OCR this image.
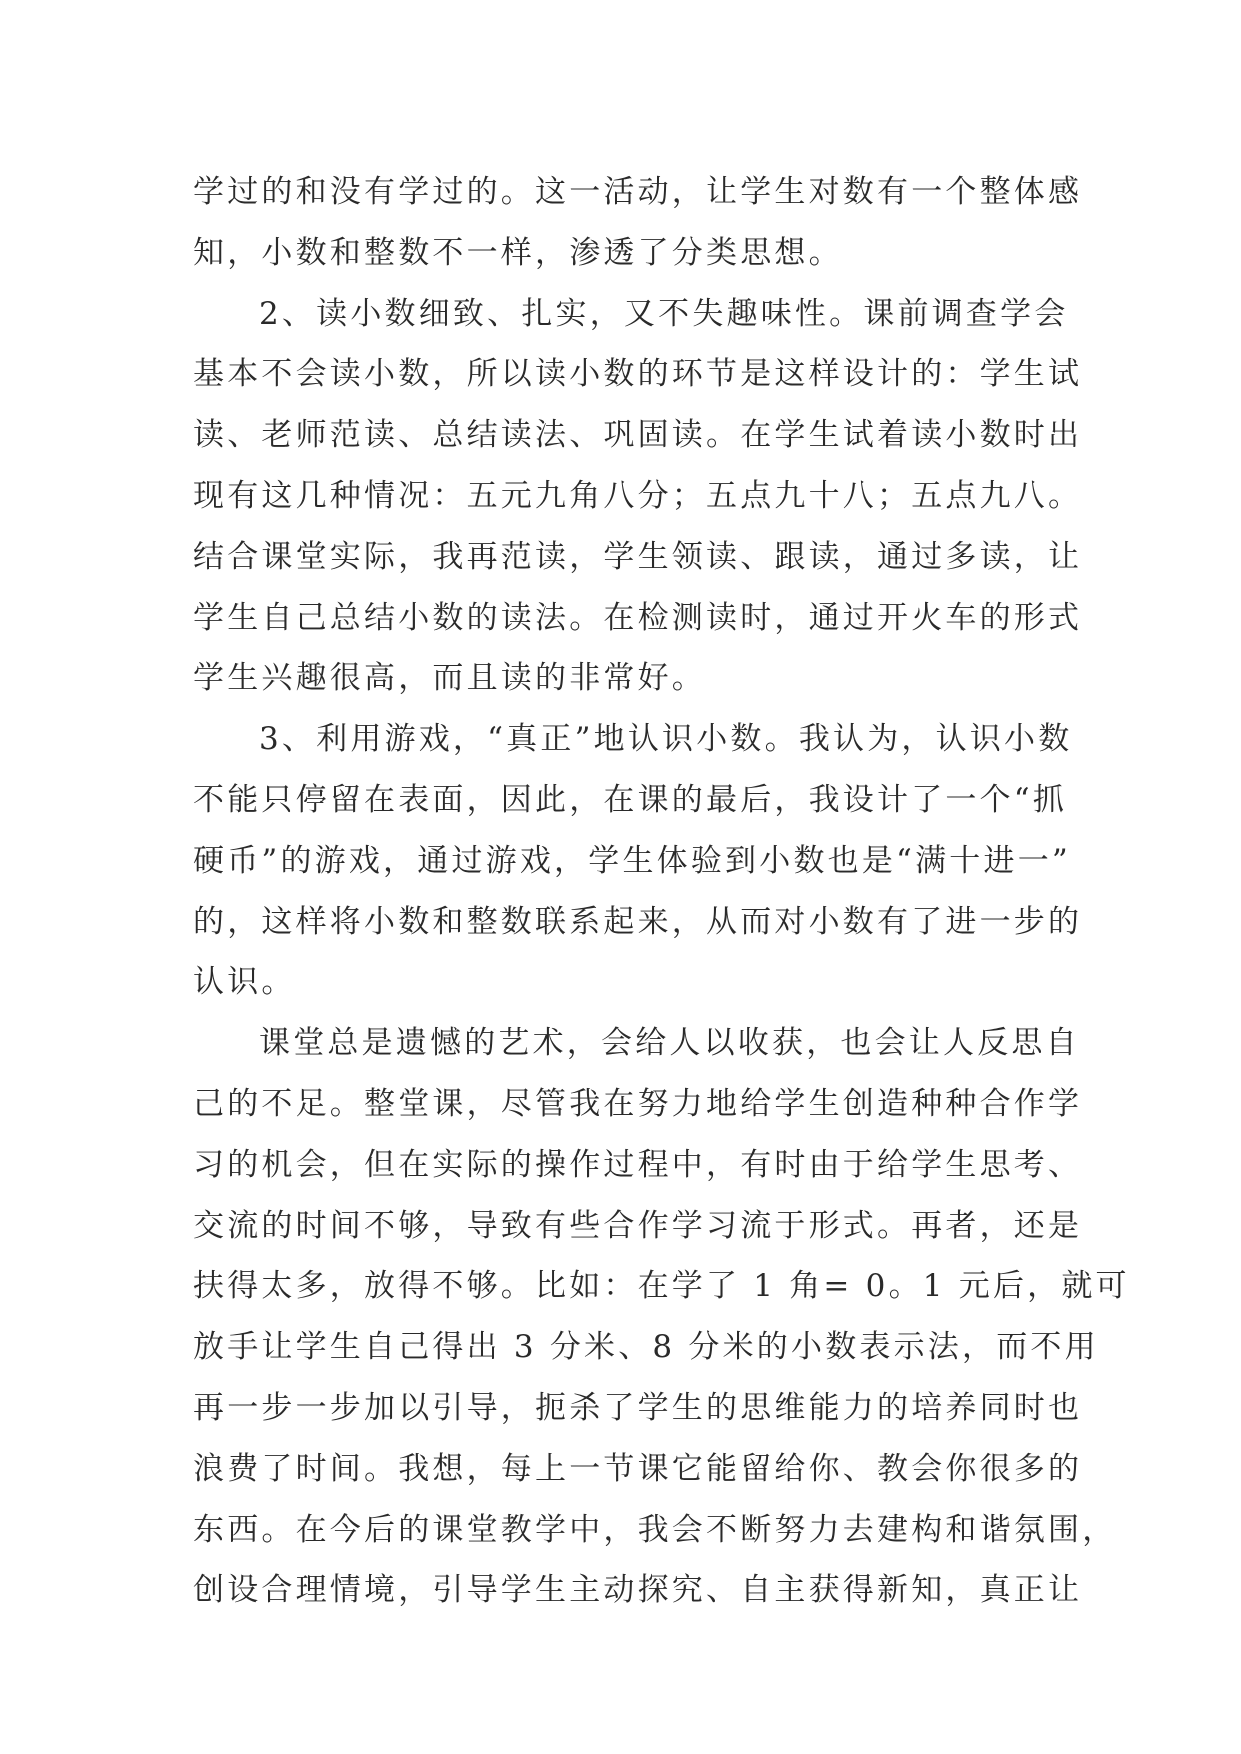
学过的和没有学过的。这一活动，让学生对数有一个整体感
知，小数和整数不一样，渗透了分类思想。
2、读小数细致、扎实，又不失趣味性。课前调查学会
基本不会读小数，所以读小数的环节是这样设计的：学生试
读、老师范读、总结读法、巩固读。在学生试着读小数时出
现有这几种情况：五元九角八分；五点九十八；五点九八。
结合课堂实际，我再范读，学生领读、跟读，通过多读，让
学生自己总结小数的读法。在检测读时，通过开火车的形式
学生兴趣很高，而且读的非常好。
3、利用游戏，“真正”地认识小数。我认为，认识小数
不能只停留在表面，因此，在课的最后，我设计了一个“抓
硬币”的游戏，通过游戏，学生体验到小数也是“满十进一”
的，这样将小数和整数联系起来，从而对小数有了进一步的
认识。
课堂总是遗憾的艺术，会给人以收获，也会让人反思自
己的不足。整堂课，尽管我在努力地给学生创造种种合作学
习的机会，但在实际的操作过程中，有时由于给学生思考、
交流的时间不够，导致有些合作学习流于形式。再者，还是
扶得太多，放得不够。比如：在学了 1 角= 0。1 元后，就可
放手让学生自己得出 3 分米、8 分米的小数表示法，而不用
再一步一步加以引导，扼杀了学生的思维能力的培养同时也
浪费了时间。我想，每上一节课它能留给你、教会你很多的
东西。在今后的课堂教学中，我会不断努力去建构和谐氛围，
创设合理情境，引导学生主动探究、自主获得新知，真正让
